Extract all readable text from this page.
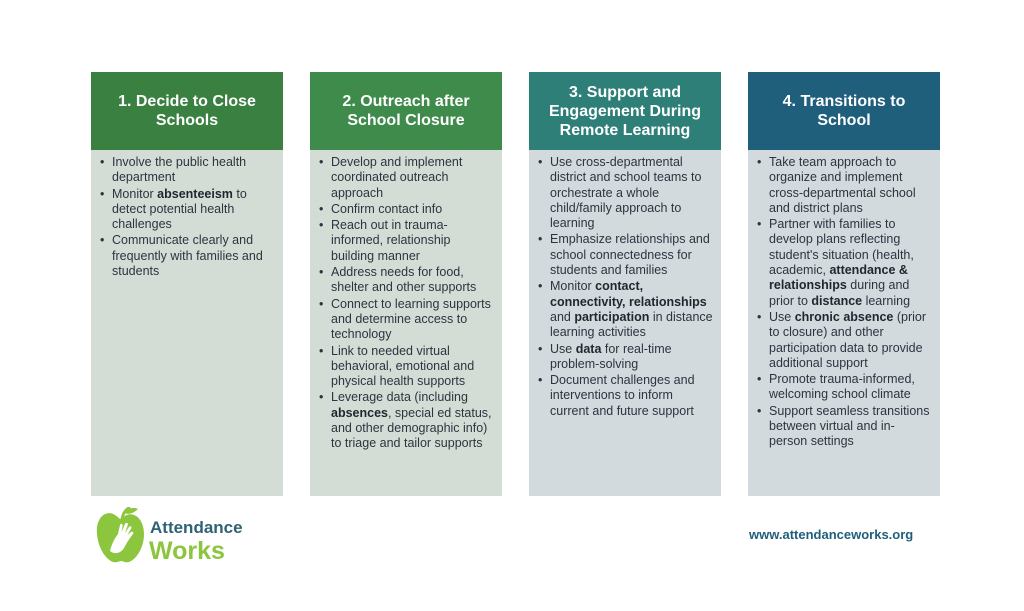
1. Decide to Close
Schools
• Involve the public health department
• Monitor absenteeism to detect potential health challenges
• Communicate clearly and frequently with families and students
2. Outreach after
School Closure
• Develop and implement coordinated outreach approach
• Confirm contact info
• Reach out in trauma-informed, relationship building manner
• Address needs for food, shelter and other supports
• Connect to learning supports and determine access to technology
• Link to needed virtual behavioral, emotional and physical health supports
• Leverage data (including absences, special ed status, and other demographic info) to triage and tailor supports
3. Support and
Engagement During
Remote Learning
• Use cross-departmental district and school teams to orchestrate a whole child/family approach to learning
• Emphasize relationships and school connectedness for students and families
• Monitor contact, connectivity, relationships and participation in distance learning activities
• Use data for real-time problem-solving
• Document challenges and interventions to inform current and future support
4. Transitions to
School
• Take team approach to organize and implement cross-departmental school and district plans
• Partner with families to develop plans reflecting student's situation (health, academic, attendance & relationships during and prior to distance learning
• Use chronic absence (prior to closure) and other participation data to provide additional support
• Promote trauma-informed, welcoming school climate
• Support seamless transitions between virtual and in-person settings
Attendance
Works
www.attendanceworks.org
